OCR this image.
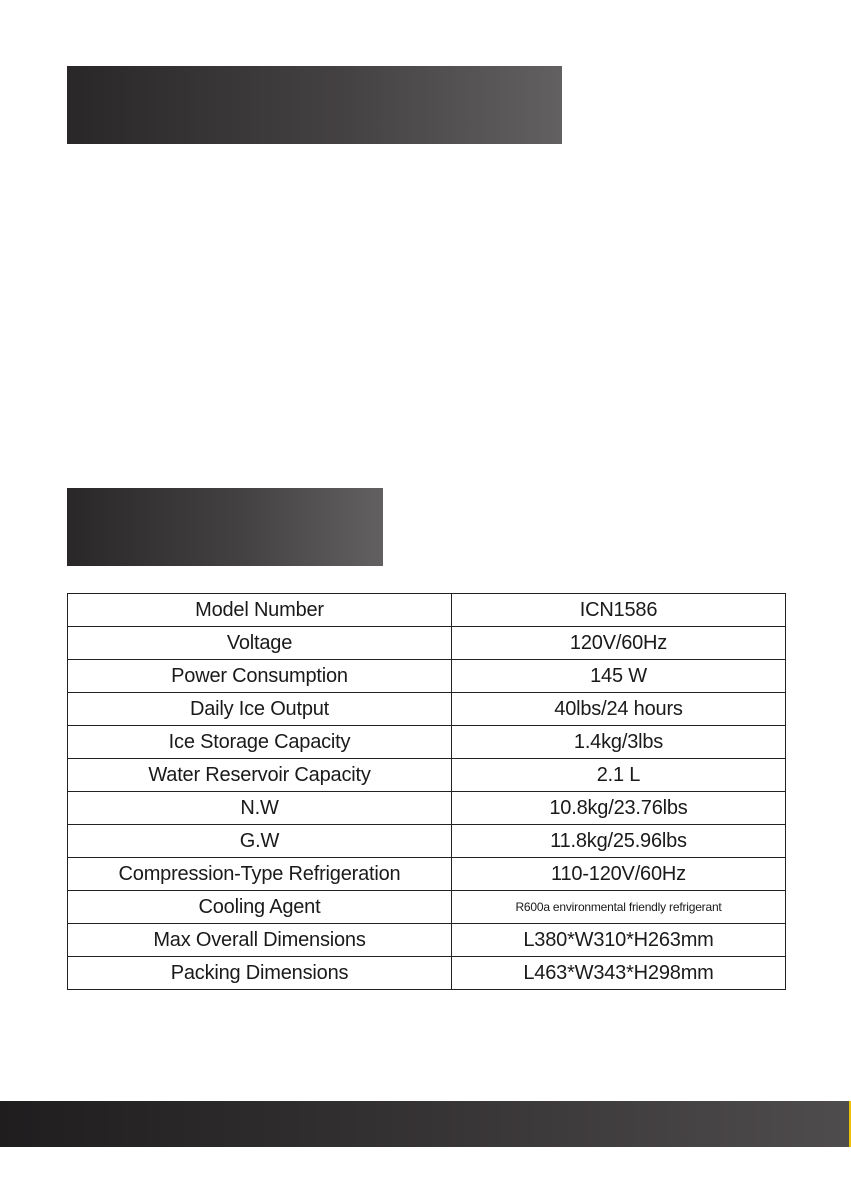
Model Number	ICN1586
Voltage	120V/60Hz
Power Consumption	145 W
Daily Ice Output	40lbs/24 hours
Ice Storage Capacity	1.4kg/3lbs
Water Reservoir Capacity	2.1 L
N.W	10.8kg/23.76lbs
G.W	11.8kg/25.96lbs
Compression-Type Refrigeration	110-120V/60Hz
Cooling Agent	R600a environmental friendly refrigerant
Max Overall Dimensions	L380*W310*H263mm
Packing Dimensions	L463*W343*H298mm
